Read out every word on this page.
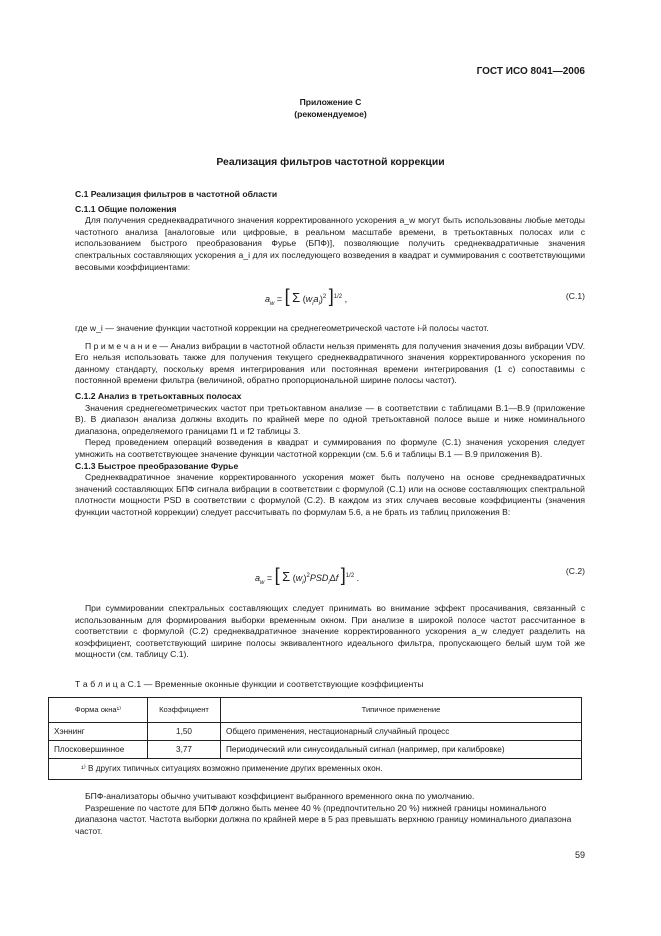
ГОСТ ИСО 8041—2006
Приложение С
(рекомендуемое)
Реализация фильтров частотной коррекции

С.1 Реализация фильтров в частотной области

С.1.1 Общие положения

Для получения среднеквадратичного значения корректированного ускорения a_w могут быть использованы любые методы частотного анализа [аналоговые или цифровые, в реальном масштабе времени, в третьоктавных полосах или с использованием быстрого преобразования Фурье (БПФ)], позволяющие получить среднеквадратичные значения спектральных составляющих ускорения a_i для их последующего возведения в квадрат и суммирования с соответствующими весовыми коэффициентами:

$a_w$ = [ Σ $(w_ia_i)^2$ ]$^{1/2}$ ,	(С.1)

где w_i — значение функции частотной коррекции на среднегеометрической частоте i-й полосы частот.

П р и м е ч а н и е — Анализ вибрации в частотной области нельзя применять для получения значения дозы вибрации VDV. Его нельзя использовать также для получения текущего среднеквадратичного значения корректированного ускорения по данному стандарту, поскольку время интегрирования или постоянная времени интегрирования (1 с) сопоставимы с постоянной времени фильтра (величиной, обратно пропорциональной ширине полосы частот).

С.1.2 Анализ в третьоктавных полосах

Значения среднегеометрических частот при третьоктавном анализе — в соответствии с таблицами В.1—В.9 (приложение В). В диапазон анализа должны входить по крайней мере по одной третьоктавной полосе выше и ниже номинального диапазона, определяемого границами f1 и f2 таблицы 3.

Перед проведением операций возведения в квадрат и суммирования по формуле (С.1) значения ускорения следует умножить на соответствующее значение функции частотной коррекции (см. 5.6 и таблицы В.1 — В.9 приложения В).

С.1.3 Быстрое преобразование Фурье

Среднеквадратичное значение корректированного ускорения может быть получено на основе среднеквадратичных значений составляющих БПФ сигнала вибрации в соответствии с формулой (С.1) или на основе составляющих спектральной плотности мощности PSD в соответствии с формулой (С.2). В каждом из этих случаев весовые коэффициенты (значения функции частотной коррекции) следует рассчитывать по формулам 5.6, а не брать из таблиц приложения В:

$a_w$ = [ Σ $(w_i)^2PSD_i\Delta f$ ]$^{1/2}$ .
(С.2)

При суммировании спектральных составляющих следует принимать во внимание эффект просачивания, связанный с использованным для формирования выборки временным окном. При анализе в широкой полосе частот рассчитанное в соответствии с формулой (С.2) среднеквадратичное значение корректированного ускорения a_w следует разделить на коэффициент, соответствующий ширине полосы эквивалентного идеального фильтра, пропускающего белый шум той же мощности (см. таблицу С.1).

Т а б л и ц а С.1 — Временные оконные функции и соответствующие коэффициенты
Форма окна¹⁾	Коэффициент	Типичное применение
Хэннинг	1,50	Общего применения, нестационарный случайный процесс
Плосковершинное	3,77	Периодический или синусоидальный сигнал (например, при калибровке)
¹⁾ В других типичных ситуациях возможно применение других временных окон.		

БПФ-анализаторы обычно учитывают коэффициент выбранного временного окна по умолчанию.

Разрешение по частоте для БПФ должно быть менее 40 % (предпочтительно 20 %) нижней границы номинального диапазона частот. Частота выборки должна по крайней мере в 5 раз превышать верхнюю границу номинального диапазона частот.

59
